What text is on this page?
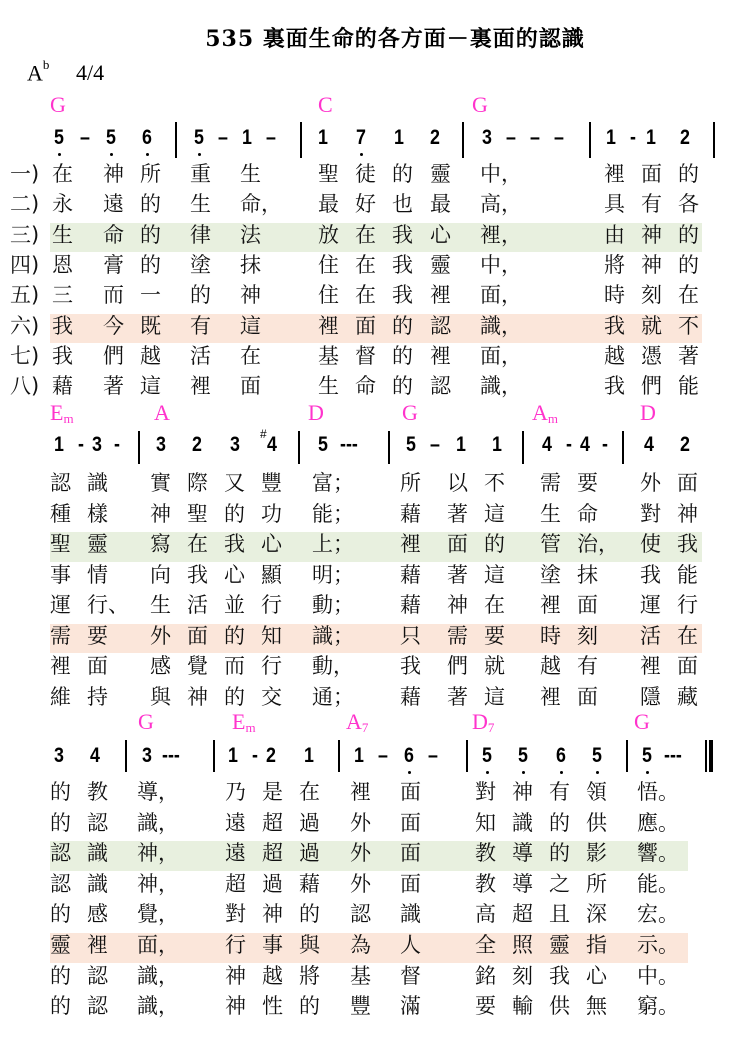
535 裏面生命的各方面－裏面的認識
$A^b$ 4/4
G	C	G
5 – 5 6 5 – 1 – 1 7 1 2 3 – – – 1 - 1 2
一) 在 神 所 重 生	聖 徒 的 靈 中，	裡 面 的
二) 永 遠 的 生 命， 最 好 也 最 高，	具 有 各
三) 生 命 的 律 法	放 在 我 心 裡，	由 神 的
四) 恩 膏 的 塗 抹	住 在 我 靈 中，	將 神 的
五) 三 而 一 的 神	住 在 我 裡 面，	時 刻 在
六) 我 今 既 有 這	裡 面 的 認 識，	我 就 不
七) 我 們 越 活 在	基 督 的 裡 面，	越 憑 著
八) 藉 著 這 裡 面	生 命 的 認 識，	我 們 能
$E_m$	A	D	G	$A_m$	D
1 - 3 - 3 2 3 4
# 5 --- 5 – 1 1 4 - 4 - 4 2
認 識 實 際 又 豐 富； 所 以 不 需 要 外 面
種 樣 神 聖 的 功 能； 藉 著 這 生 命 對 神
聖 靈 寫 在 我 心 上； 裡 面 的 管 治， 使 我
事 情 向 我 心 顯 明； 藉 著 這 塗 抹 我 能
運 行、 生 活 並 行 動； 藉 神 在 裡 面 運 行
需 要 外 面 的 知 識； 只 需 要 時 刻 活 在
裡 面 感 覺 而 行 動， 我 們 就 越 有 裡 面
維 持 與 神 的 交 通； 藉 著 這 裡 面 隱 藏
G	$E_m$	$A_7$	$D_7$	G
3 4 3 --- 1 - 2 1 1 – 6 – 5 5 6 5 5 ---
的 教 導， 乃 是 在 裡 面	對 神 有 領 悟。
的 認 識， 遠 超 過 外 面	知 識 的 供 應。
認 識 神， 遠 超 過 外 面	教 導 的 影 響。
認 識 神， 超 過 藉 外 面	教 導 之 所 能。
的 感 覺， 對 神 的 認 識	高 超 且 深 宏。
靈 裡 面， 行 事 與 為 人	全 照 靈 指 示。
的 認 識， 神 越 將 基 督	銘 刻 我 心 中。
的 認 識， 神 性 的 豐 滿	要 輸 供 無 窮。
